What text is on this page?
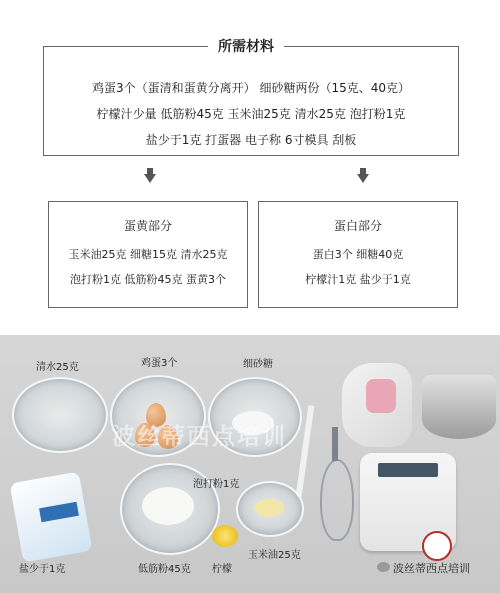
鸡蛋3个（蛋清和蛋黄分离开） 细砂糖两份（15克、40克）
柠檬汁少量 低筋粉45克 玉米油25克 清水25克 泡打粉1克
盐少于1克 打蛋器 电子称 6寸模具 刮板
所需材料
蛋黄部分
玉米油25克 细糖15克 清水25克
泡打粉1克 低筋粉45克 蛋黄3个
蛋白部分
蛋白3个 细糖40克
柠檬汁1克 盐少于1克
波丝蒂西点培训
清水25克	鸡蛋3个	细砂糖
泡打粉1克
盐少于1克	低筋粉45克 柠檬
玉米油25克
波丝蒂西点培训
